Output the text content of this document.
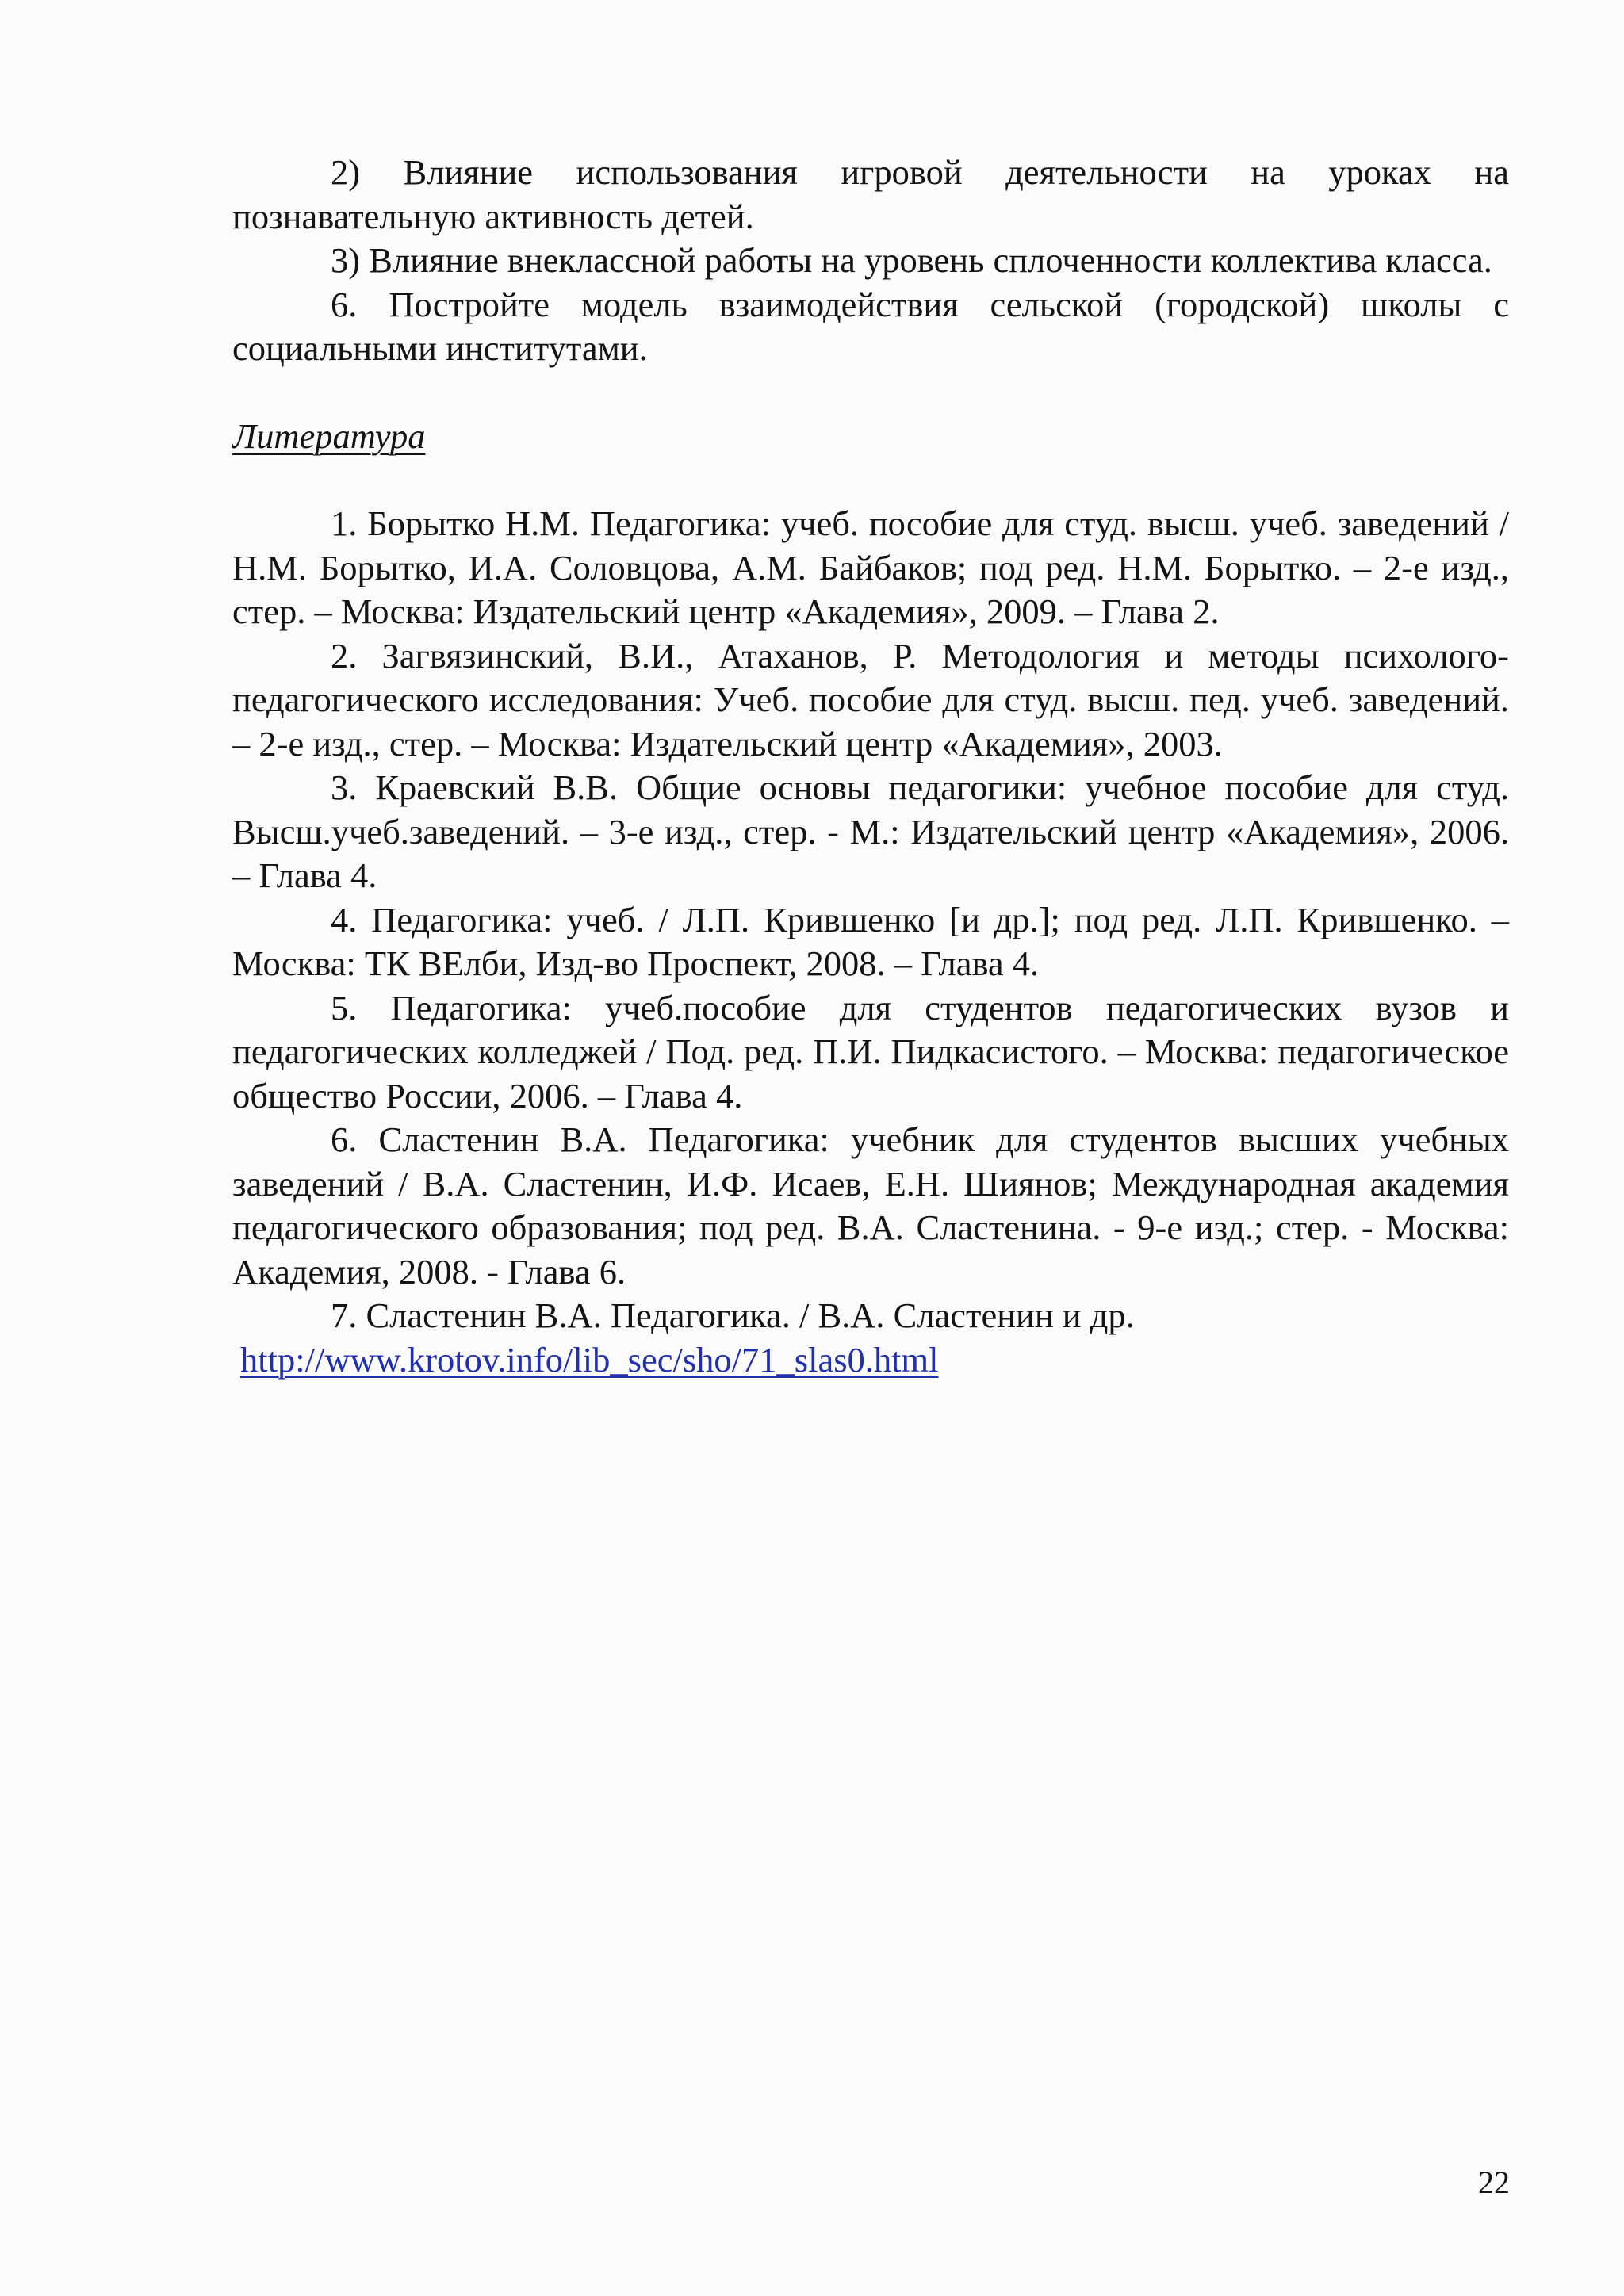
2) Влияние использования игровой деятельности на уроках на познавательную активность детей.

3) Влияние внеклассной работы на уровень сплоченности коллектива класса.

6. Постройте модель взаимодействия сельской (городской) школы с социальными институтами.

Литература

1. Борытко Н.М. Педагогика: учеб. пособие для студ. высш. учеб. заведений / Н.М. Борытко, И.А. Соловцова, А.М. Байбаков; под ред. Н.М. Борытко. – 2-е изд., стер. – Москва: Издательский центр «Академия», 2009. – Глава 2.

2. Загвязинский, В.И., Атаханов, Р. Методология и методы психолого-педагогического исследования: Учеб. пособие для студ. высш. пед. учеб. заведений. – 2-е изд., стер. – Москва: Издательский центр «Академия», 2003.

3. Краевский В.В. Общие основы педагогики: учебное пособие для студ. Высш.учеб.заведений. – 3-е изд., стер. - М.: Издательский центр «Академия», 2006. – Глава 4.

4. Педагогика: учеб. / Л.П. Крившенко [и др.]; под ред. Л.П. Крившенко. – Москва: ТК ВЕлби, Изд-во Проспект, 2008. – Глава 4.

5. Педагогика: учеб.пособие для студентов педагогических вузов и педагогических колледжей / Под. ред. П.И. Пидкасистого. – Москва: педагогическое общество России, 2006. – Глава 4.

6. Сластенин В.А. Педагогика: учебник для студентов высших учебных заведений / В.А. Сластенин, И.Ф. Исаев, Е.Н. Шиянов; Международная академия педагогического образования; под ред. В.А. Сластенина. - 9-е изд.; стер. - Москва: Академия, 2008. - Глава 6.

7. Сластенин В.А. Педагогика. / В.А. Сластенин и др.

http://www.krotov.info/lib_sec/sho/71_slas0.html

22
